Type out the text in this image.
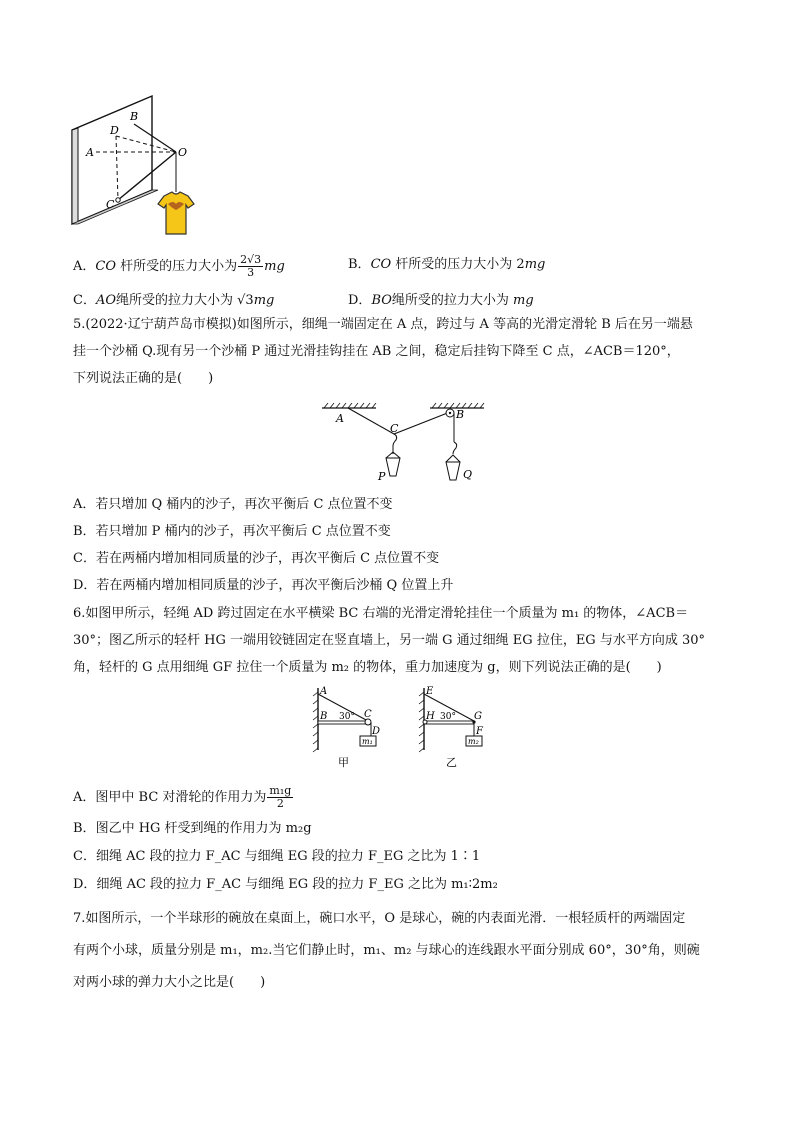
A
B
D
O
C
A．CO 杆所受的压力大小为 $\frac{2√3}{3}$ mg	B．CO 杆所受的压力大小为 2mg
C．AO绳所受的拉力大小为 √3mg	D．BO绳所受的拉力大小为 mg
5.(2022·辽宁葫芦岛市模拟)如图所示，细绳一端固定在 A 点，跨过与 A 等高的光滑定滑轮 B 后在另一端悬
挂一个沙桶 Q.现有另一个沙桶 P 通过光滑挂钩挂在 AB 之间，稳定后挂钩下降至 C 点，∠ACB＝120°，
下列说法正确的是(　　)
A	B
C
P	Q
A．若只增加 Q 桶内的沙子，再次平衡后 C 点位置不变
B．若只增加 P 桶内的沙子，再次平衡后 C 点位置不变
C．若在两桶内增加相同质量的沙子，再次平衡后 C 点位置不变
D．若在两桶内增加相同质量的沙子，再次平衡后沙桶 Q 位置上升
6.如图甲所示，轻绳 AD 跨过固定在水平横梁 BC 右端的光滑定滑轮挂住一个质量为 m₁ 的物体，∠ACB＝
30°；图乙所示的轻杆 HG 一端用铰链固定在竖直墙上，另一端 G 通过细绳 EG 拉住，EG 与水平方向成 30°
角，轻杆的 G 点用细绳 GF 拉住一个质量为 m₂ 的物体，重力加速度为 g，则下列说法正确的是(　　)
m₁
A
B 30° C
D
甲
m₂
E
H 30° G
F
乙
A．图甲中 BC 对滑轮的作用力为 $\frac{\text{m₁g}}{2}$
B．图乙中 HG 杆受到绳的作用力为 m₂g
C．细绳 AC 段的拉力 F_AC 与细绳 EG 段的拉力 F_EG 之比为 1∶1
D．细绳 AC 段的拉力 F_AC 与细绳 EG 段的拉力 F_EG 之比为 m₁∶2m₂
7.如图所示，一个半球形的碗放在桌面上，碗口水平，O 是球心，碗的内表面光滑．一根轻质杆的两端固定
有两个小球，质量分别是 m₁，m₂.当它们静止时，m₁、m₂ 与球心的连线跟水平面分别成 60°，30°角，则碗
对两小球的弹力大小之比是(　　)
